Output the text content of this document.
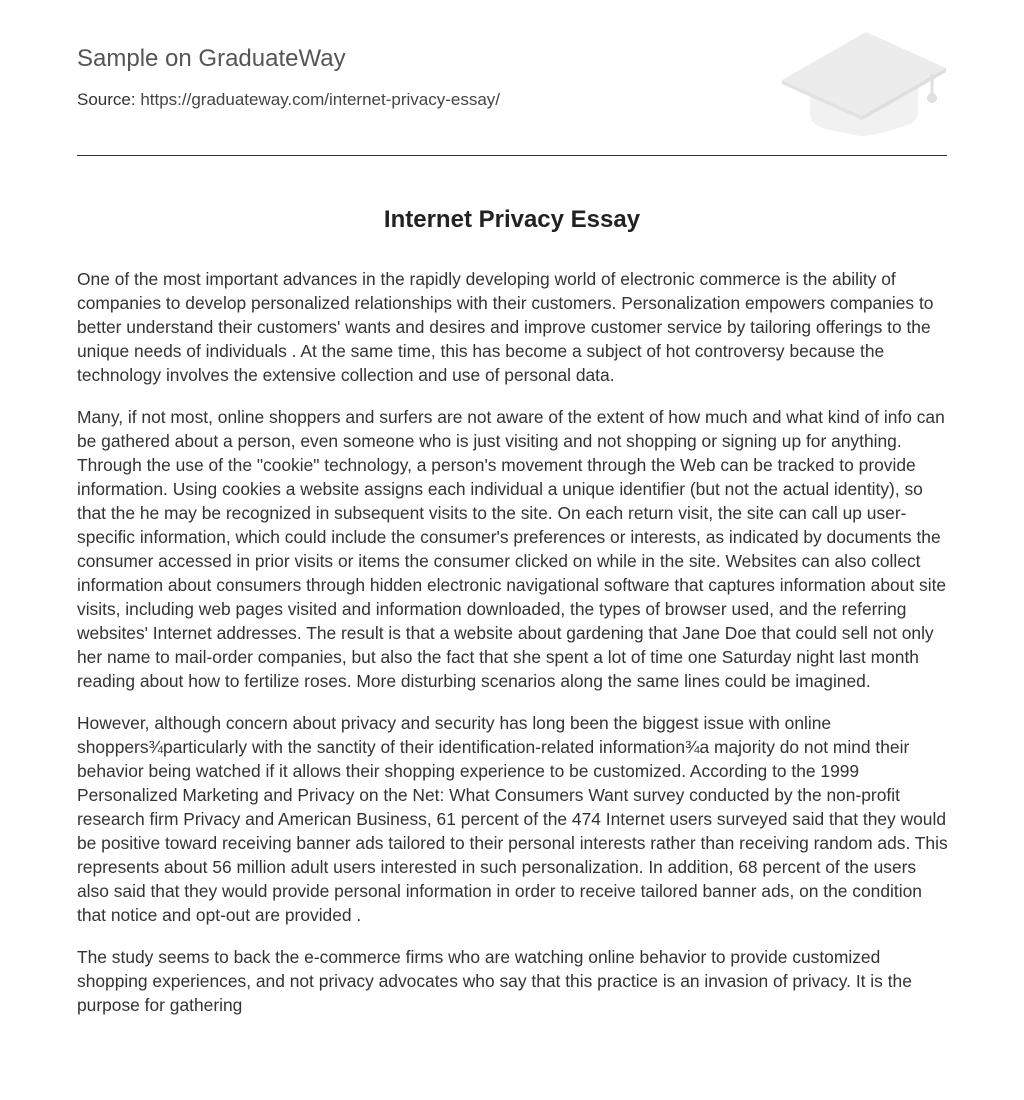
Sample on GraduateWay
Source: https://graduateway.com/internet-privacy-essay/
Internet Privacy Essay

One of the most important advances in the rapidly developing world of electronic commerce is the ability of companies to develop personalized relationships with their customers. Personalization empowers companies to better understand their customers' wants and desires and improve customer service by tailoring offerings to the unique needs of individuals . At the same time, this has become a subject of hot controversy because the technology involves the extensive collection and use of personal data.

Many, if not most, online shoppers and surfers are not aware of the extent of how much and what kind of info can be gathered about a person, even someone who is just visiting and not shopping or signing up for anything. Through the use of the "cookie" technology, a person's movement through the Web can be tracked to provide information. Using cookies a website assigns each individual a unique identifier (but not the actual identity), so that the he may be recognized in subsequent visits to the site. On each return visit, the site can call up user-specific information, which could include the consumer's preferences or interests, as indicated by documents the consumer accessed in prior visits or items the consumer clicked on while in the site. Websites can also collect information about consumers through hidden electronic navigational software that captures information about site visits, including web pages visited and information downloaded, the types of browser used, and the referring websites' Internet addresses. The result is that a website about gardening that Jane Doe that could sell not only her name to mail-order companies, but also the fact that she spent a lot of time one Saturday night last month reading about how to fertilize roses. More disturbing scenarios along the same lines could be imagined.

However, although concern about privacy and security has long been the biggest issue with online shoppers¾particularly with the sanctity of their identification-related information¾a majority do not mind their behavior being watched if it allows their shopping experience to be customized. According to the 1999 Personalized Marketing and Privacy on the Net: What Consumers Want survey conducted by the non-profit research firm Privacy and American Business, 61 percent of the 474 Internet users surveyed said that they would be positive toward receiving banner ads tailored to their personal interests rather than receiving random ads. This represents about 56 million adult users interested in such personalization. In addition, 68 percent of the users also said that they would provide personal information in order to receive tailored banner ads, on the condition that notice and opt-out are provided .

The study seems to back the e-commerce firms who are watching online behavior to provide customized shopping experiences, and not privacy advocates who say that this practice is an invasion of privacy. It is the purpose for gathering
